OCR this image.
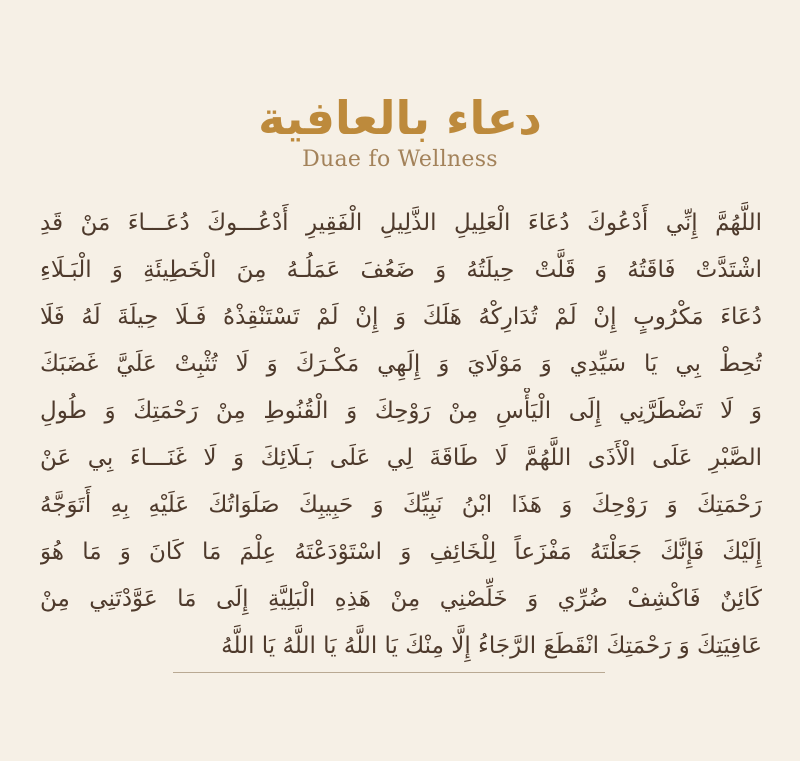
دعاء بالعافية

Duae fo Wellness

اللَّهُمَّ إِنِّي أَدْعُوكَ دُعَاءَ الْعَلِيلِ الذَّلِيلِ الْفَقِيرِ أَدْعُـــوكَ دُعَـــاءَ مَنْ قَدِ
اشْتَدَّتْ فَاقَتُهُ وَ قَلَّتْ حِيلَتُهُ وَ ضَعُفَ عَمَلُـهُ مِنَ الْخَطِيئَةِ وَ الْبَـلَاءِ
دُعَاءَ مَكْرُوبٍ إِنْ لَمْ تُدَارِكْهُ هَلَكَ وَ إِنْ لَمْ تَسْتَنْقِذْهُ فَـلَا حِيلَةَ لَهُ فَلَا
تُحِطْ بِي يَا سَيِّدِي وَ مَوْلَايَ وَ إِلَهِي مَكْـرَكَ وَ لَا تُثْبِتْ عَلَيَّ غَضَبَكَ
وَ لَا تَضْطَرَّنِي إِلَى الْيَأْسِ مِنْ رَوْحِكَ وَ الْقُنُوطِ مِنْ رَحْمَتِكَ وَ طُولِ
الصَّبْرِ عَلَى الْأَذَى اللَّهُمَّ لَا طَاقَةَ لِي عَلَى بَـلَائِكَ وَ لَا غَنَـــاءَ بِي عَنْ
رَحْمَتِكَ وَ رَوْحِكَ وَ هَذَا ابْنُ نَبِيِّكَ وَ حَبِيبِكَ صَلَوَاتُكَ عَلَيْهِ بِهِ أَتَوَجَّهُ
إِلَيْكَ فَإِنَّكَ جَعَلْتَهُ مَفْزَعاً لِلْخَائِفِ وَ اسْتَوْدَعْتَهُ عِلْمَ مَا كَانَ وَ مَا هُوَ
كَائِنٌ فَاكْشِفْ ضُرِّي وَ خَلِّصْنِي مِنْ هَذِهِ الْبَلِيَّةِ إِلَى مَا عَوَّدْتَنِي مِنْ
عَافِيَتِكَ وَ رَحْمَتِكَ انْقَطَعَ الرَّجَاءُ إِلَّا مِنْكَ يَا اللَّهُ يَا اللَّهُ يَا اللَّهُ
